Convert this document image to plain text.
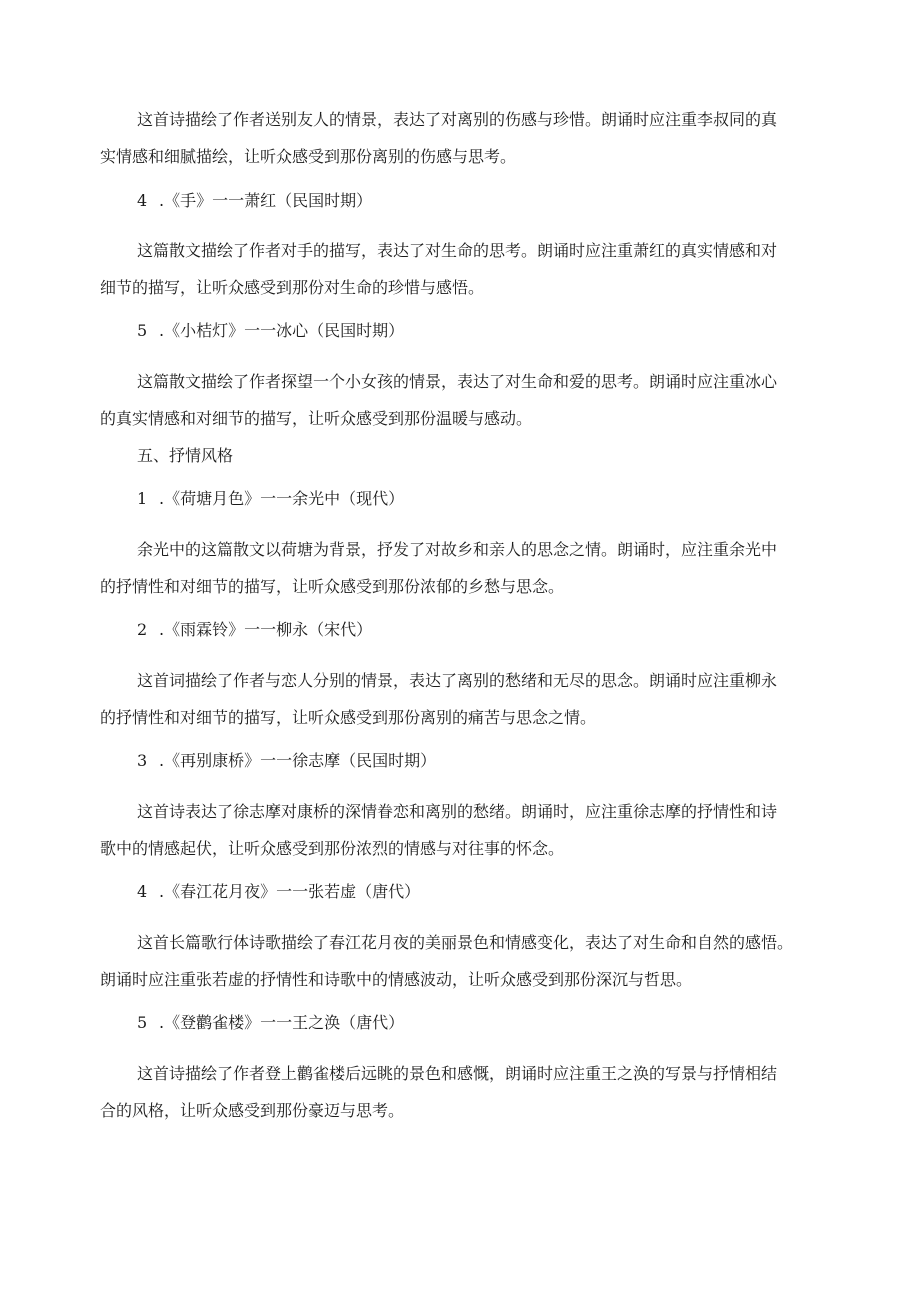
这首诗描绘了作者送别友人的情景，表达了对离别的伤感与珍惜。朗诵时应注重李叔同的真
实情感和细腻描绘，让听众感受到那份离别的伤感与思考。
4 .《手》一一萧红（民国时期）
这篇散文描绘了作者对手的描写，表达了对生命的思考。朗诵时应注重萧红的真实情感和对
细节的描写，让听众感受到那份对生命的珍惜与感悟。
5 .《小桔灯》一一冰心（民国时期）
这篇散文描绘了作者探望一个小女孩的情景，表达了对生命和爱的思考。朗诵时应注重冰心
的真实情感和对细节的描写，让听众感受到那份温暖与感动。
五、抒情风格
1 .《荷塘月色》一一余光中（现代）
余光中的这篇散文以荷塘为背景，抒发了对故乡和亲人的思念之情。朗诵时，应注重余光中
的抒情性和对细节的描写，让听众感受到那份浓郁的乡愁与思念。
2 .《雨霖铃》一一柳永（宋代）
这首词描绘了作者与恋人分别的情景，表达了离别的愁绪和无尽的思念。朗诵时应注重柳永
的抒情性和对细节的描写，让听众感受到那份离别的痛苦与思念之情。
3 .《再别康桥》一一徐志摩（民国时期）
这首诗表达了徐志摩对康桥的深情眷恋和离别的愁绪。朗诵时，应注重徐志摩的抒情性和诗
歌中的情感起伏，让听众感受到那份浓烈的情感与对往事的怀念。
4 .《春江花月夜》一一张若虚（唐代）
这首长篇歌行体诗歌描绘了春江花月夜的美丽景色和情感变化，表达了对生命和自然的感悟。
朗诵时应注重张若虚的抒情性和诗歌中的情感波动，让听众感受到那份深沉与哲思。
5 .《登鹳雀楼》一一王之涣（唐代）
这首诗描绘了作者登上鹳雀楼后远眺的景色和感慨，朗诵时应注重王之涣的写景与抒情相结
合的风格，让听众感受到那份豪迈与思考。
